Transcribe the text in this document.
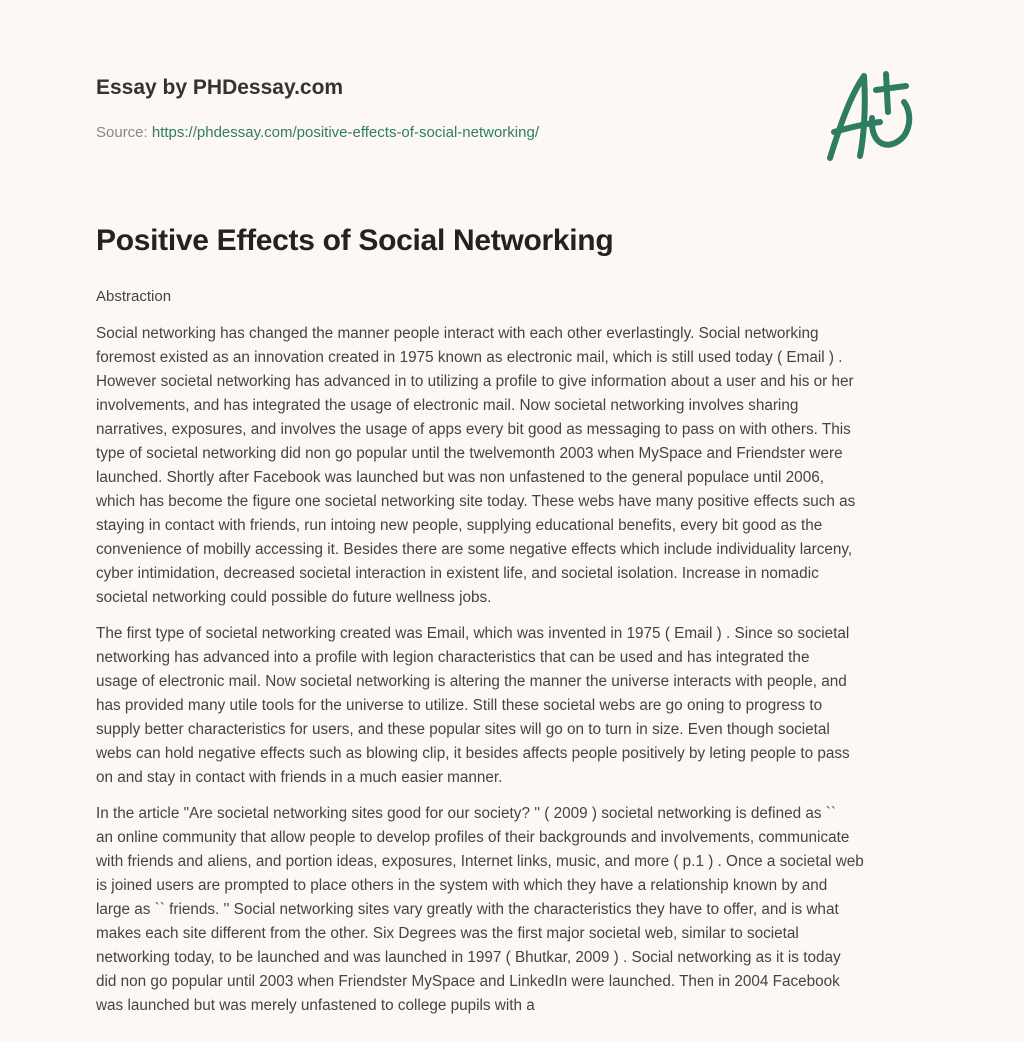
Essay by PHDessay.com
Source: https://phdessay.com/positive-effects-of-social-networking/
Positive Effects of Social Networking
Abstraction
Social networking has changed the manner people interact with each other everlastingly. Social networking
foremost existed as an innovation created in 1975 known as electronic mail, which is still used today ( Email ) .
However societal networking has advanced in to utilizing a profile to give information about a user and his or her
involvements, and has integrated the usage of electronic mail. Now societal networking involves sharing
narratives, exposures, and involves the usage of apps every bit good as messaging to pass on with others. This
type of societal networking did non go popular until the twelvemonth 2003 when MySpace and Friendster were
launched. Shortly after Facebook was launched but was non unfastened to the general populace until 2006,
which has become the figure one societal networking site today. These webs have many positive effects such as
staying in contact with friends, run intoing new people, supplying educational benefits, every bit good as the
convenience of mobilly accessing it. Besides there are some negative effects which include individuality larceny,
cyber intimidation, decreased societal interaction in existent life, and societal isolation. Increase in nomadic
societal networking could possible do future wellness jobs.
The first type of societal networking created was Email, which was invented in 1975 ( Email ) . Since so societal
networking has advanced into a profile with legion characteristics that can be used and has integrated the
usage of electronic mail. Now societal networking is altering the manner the universe interacts with people, and
has provided many utile tools for the universe to utilize. Still these societal webs are go oning to progress to
supply better characteristics for users, and these popular sites will go on to turn in size. Even though societal
webs can hold negative effects such as blowing clip, it besides affects people positively by leting people to pass
on and stay in contact with friends in a much easier manner.
In the article "Are societal networking sites good for our society? '' ( 2009 ) societal networking is defined as ``
an online community that allow people to develop profiles of their backgrounds and involvements, communicate
with friends and aliens, and portion ideas, exposures, Internet links, music, and more ( p.1 ) . Once a societal web
is joined users are prompted to place others in the system with which they have a relationship known by and
large as `` friends. '' Social networking sites vary greatly with the characteristics they have to offer, and is what
makes each site different from the other. Six Degrees was the first major societal web, similar to societal
networking today, to be launched and was launched in 1997 ( Bhutkar, 2009 ) . Social networking as it is today
did non go popular until 2003 when Friendster MySpace and LinkedIn were launched. Then in 2004 Facebook
was launched but was merely unfastened to college pupils with a
